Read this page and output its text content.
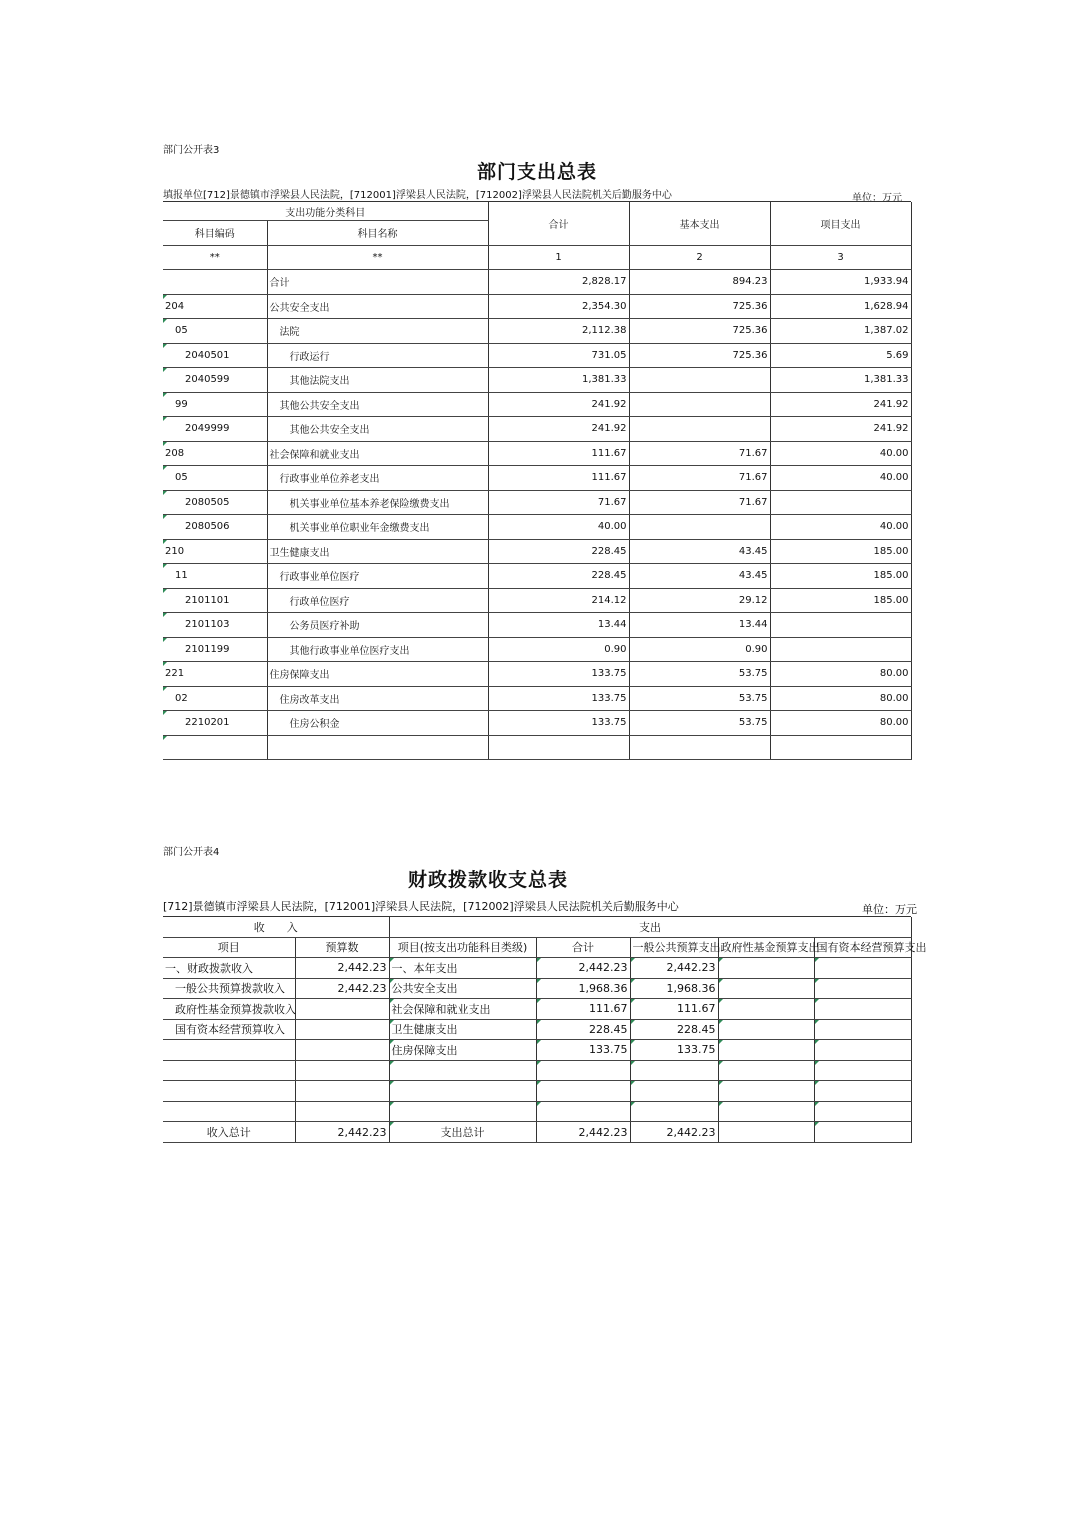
部门公开表3
部门支出总表
填报单位[712]景德镇市浮梁县人民法院，[712001]浮梁县人民法院，[712002]浮梁县人民法院机关后勤服务中心	单位：万元
支出功能分类科目		合计	基本支出	项目支出
科目编码	科目名称			
**	**	1	2	3
	合计	2,828.17	894.23	1,933.94
204	公共安全支出	2,354.30	725.36	1,628.94
05	法院	2,112.38	725.36	1,387.02
2040501	行政运行	731.05	725.36	5.69
2040599	其他法院支出	1,381.33		1,381.33
99	其他公共安全支出	241.92		241.92
2049999	其他公共安全支出	241.92		241.92
208	社会保障和就业支出	111.67	71.67	40.00
05	行政事业单位养老支出	111.67	71.67	40.00
2080505	机关事业单位基本养老保险缴费支出	71.67	71.67	
2080506	机关事业单位职业年金缴费支出	40.00		40.00
210	卫生健康支出	228.45	43.45	185.00
11	行政事业单位医疗	228.45	43.45	185.00
2101101	行政单位医疗	214.12	29.12	185.00
2101103	公务员医疗补助	13.44	13.44	
2101199	其他行政事业单位医疗支出	0.90	0.90	
221	住房保障支出	133.75	53.75	80.00
02	住房改革支出	133.75	53.75	80.00
2210201	住房公积金	133.75	53.75	80.00

部门公开表4
财政拨款收支总表
[712]景德镇市浮梁县人民法院，[712001]浮梁县人民法院，[712002]浮梁县人民法院机关后勤服务中心	单位：万元
收　　入		支出				
项目	预算数	项目(按支出功能科目类级)	合计	一般公共预算支出	政府性基金预算支出	国有资本经营预算支出
一、财政拨款收入	2,442.23	一、本年支出	2,442.23	2,442.23		
一般公共预算拨款收入	2,442.23	公共安全支出	1,968.36	1,968.36		
政府性基金预算拨款收入		社会保障和就业支出	111.67	111.67		
国有资本经营预算收入		卫生健康支出	228.45	228.45		
		住房保障支出	133.75	133.75		

收入总计	2,442.23	支出总计	2,442.23	2,442.23		
